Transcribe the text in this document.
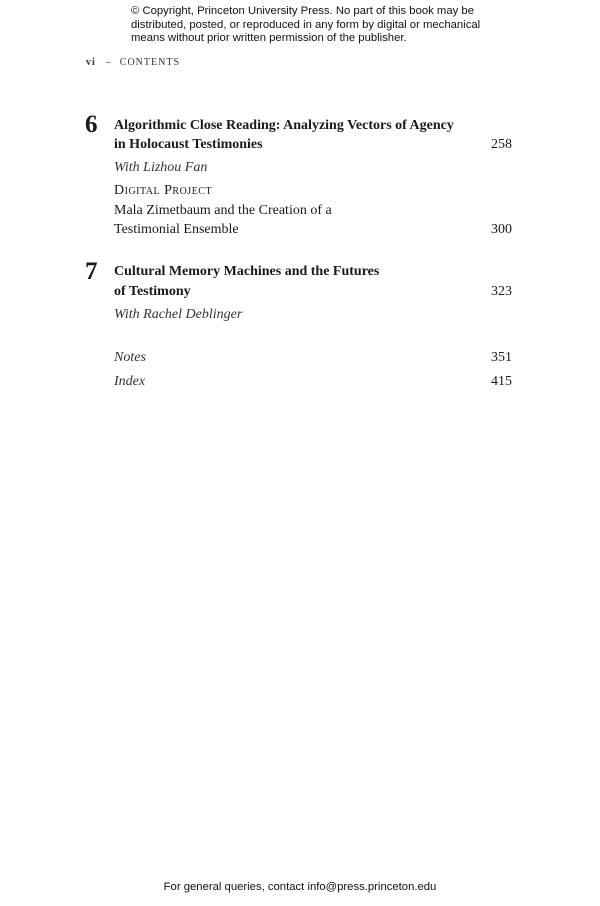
© Copyright, Princeton University Press. No part of this book may be
distributed, posted, or reproduced in any form by digital or mechanical
means without prior written permission of the publisher.
vi – CONTENTS
6 Algorithmic Close Reading: Analyzing Vectors of Agency
in Holocaust Testimonies	258
With Lizhou Fan
Digital Project
Mala Zimetbaum and the Creation of a
Testimonial Ensemble	300
7 Cultural Memory Machines and the Futures
of Testimony	323
With Rachel Deblinger
Notes	351
Index	415
For general queries, contact info@press.princeton.edu
